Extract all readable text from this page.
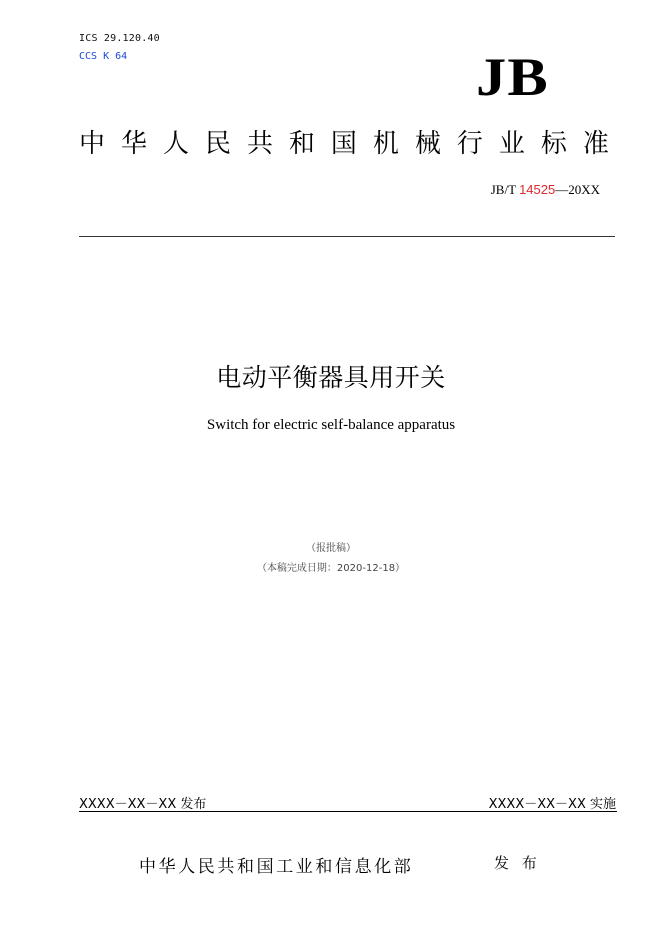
ICS 29.120.40
CCS K 64	JB
中 华 人 民 共 和 国 机 械 行 业 标 准
JB/T 14525—20XX
电动平衡器具用开关
Switch for electric self-balance apparatus
（报批稿）
（本稿完成日期：2020-12-18）
XXXX－XX－XX 发布	XXXX－XX－XX 实施
中华人民共和国工业和信息化部	发 布
